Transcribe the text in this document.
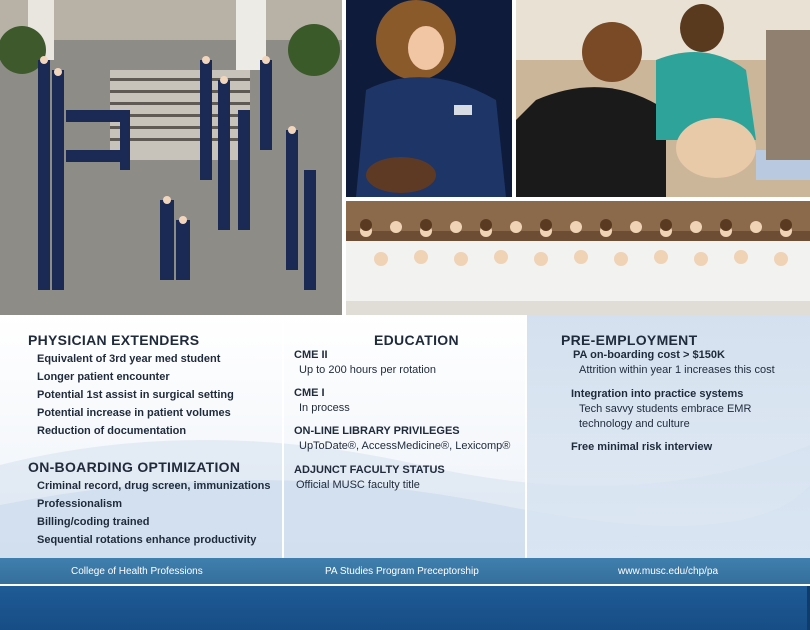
PHYSICIAN EXTENDERS
Equivalent of 3rd year med student
Longer patient encounter
Potential 1st assist in surgical setting
Potential increase in patient volumes
Reduction of documentation
ON-BOARDING OPTIMIZATION
Criminal record, drug screen, immunizations
Professionalism
Billing/coding trained
Sequential rotations enhance productivity
EDUCATION
CME II
Up to 200 hours per rotation
CME I
In process
ON-LINE LIBRARY PRIVILEGES
UpToDate®, AccessMedicine®, Lexicomp®
ADJUNCT FACULTY STATUS
Official MUSC faculty title
PRE-EMPLOYMENT
PA on-boarding cost > $150K
Attrition within year 1 increases this cost
Integration into practice systems
Tech savvy students embrace EMR
technology and culture
Free minimal risk interview
College of Health Professions	PA Studies Program Preceptorship	www.musc.edu/chp/pa
